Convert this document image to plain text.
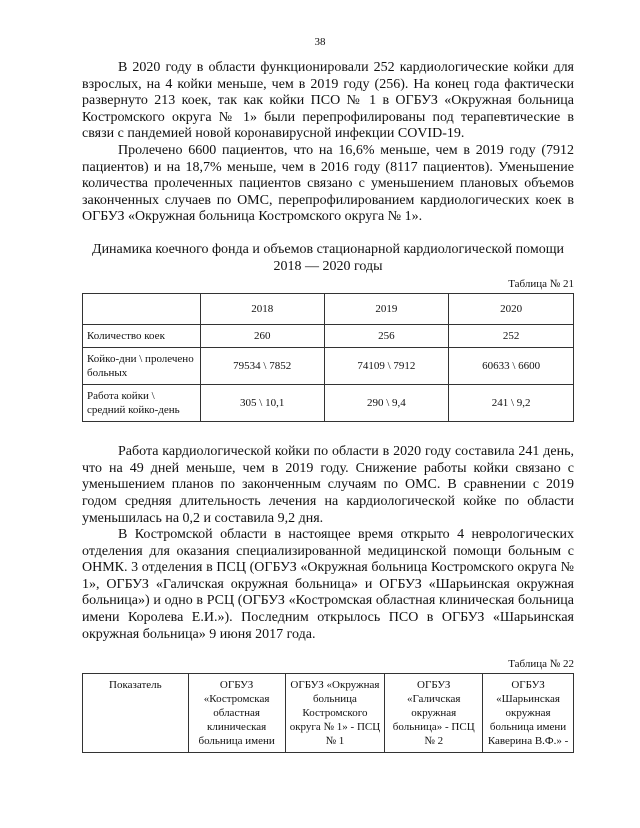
38

В 2020 году в области функционировали 252 кардиологические койки для взрослых, на 4 койки меньше, чем в 2019 году (256). На конец года фактически развернуто 213 коек, так как койки ПСО № 1 в ОГБУЗ «Окружная больница Костромского округа № 1» были перепрофилированы под терапевтические в связи с пандемией новой коронавирусной инфекции COVID-19.

Пролечено 6600 пациентов, что на 16,6% меньше, чем в 2019 году (7912 пациентов) и на 18,7% меньше, чем в 2016 году (8117 пациентов). Уменьшение количества пролеченных пациентов связано с уменьшением плановых объемов законченных случаев по ОМС, перепрофилированием кардиологических коек в ОГБУЗ «Окружная больница Костромского округа № 1».

Динамика коечного фонда и объемов стационарной кардиологической помощи 2018 — 2020 годы

Таблица № 21
	2018	2019	2020
Количество коек	260	256	252
Койко-дни \ пролечено больных	79534 \ 7852	74109 \ 7912	60633 \ 6600
Работа койки \ средний койко-день	305 \ 10,1	290 \ 9,4	241 \ 9,2

Работа кардиологической койки по области в 2020 году составила 241 день, что на 49 дней меньше, чем в 2019 году. Снижение работы койки связано с уменьшением планов по законченным случаям по ОМС. В сравнении с 2019 годом средняя длительность лечения на кардиологической койке по области уменьшилась на 0,2 и составила 9,2 дня.

В Костромской области в настоящее время открыто 4 неврологических отделения для оказания специализированной медицинской помощи больным с ОНМК. 3 отделения в ПСЦ (ОГБУЗ «Окружная больница Костромского округа № 1», ОГБУЗ «Галичская окружная больница» и ОГБУЗ «Шарьинская окружная больница») и одно в РСЦ (ОГБУЗ «Костромская областная клиническая больница имени Королева Е.И.»). Последним открылось ПСО в ОГБУЗ «Шарьинская окружная больница» 9 июня 2017 года.

Таблица № 22
Показатель	ОГБУЗ «Костромская областная клиническая больница имени	ОГБУЗ «Окружная больница Костромского округа № 1» - ПСЦ № 1	ОГБУЗ «Галичская окружная больница» - ПСЦ № 2	ОГБУЗ «Шарьинская окружная больница имени Каверина В.Ф.» -
